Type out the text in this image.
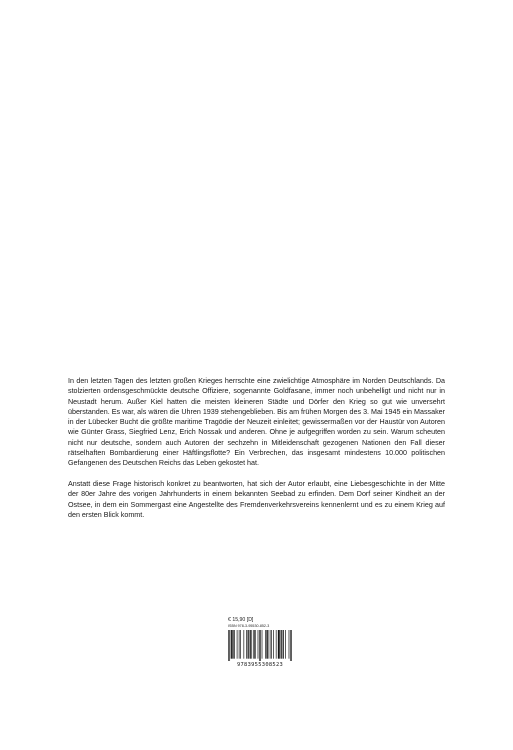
In den letzten Tagen des letzten großen Krieges herrschte eine zwielichtige Atmosphäre im Norden Deutschlands. Da stolzierten ordensgeschmückte deutsche Offiziere, sogenannte Goldfasane, immer noch unbehelligt und nicht nur in Neustadt herum. Außer Kiel hatten die meisten kleineren Städte und Dörfer den Krieg so gut wie unversehrt überstanden. Es war, als wären die Uhren 1939 stehengeblieben. Bis am frühen Morgen des 3. Mai 1945 ein Massaker in der Lübecker Bucht die größte maritime Tragödie der Neuzeit einleitet; gewissermaßen vor der Haustür von Autoren wie Günter Grass, Siegfried Lenz, Erich Nossak und anderen. Ohne je aufgegriffen worden zu sein. Warum scheuten nicht nur deutsche, sondern auch Autoren der sechzehn in Mitleidenschaft gezogenen Nationen den Fall dieser rätselhaften Bombardierung einer Häftlingsflotte? Ein Verbrechen, das insgesamt mindestens 10.000 politischen Gefangenen des Deutschen Reichs das Leben gekostet hat.

Anstatt diese Frage historisch konkret zu beantworten, hat sich der Autor erlaubt, eine Liebesgeschichte in der Mitte der 80er Jahre des vorigen Jahrhunderts in einem bekannten Seebad zu erfinden. Dem Dorf seiner Kindheit an der Ostsee, in dem ein Sommergast eine Angestellte des Fremdenverkehrsvereins kennenlernt und es zu einem Krieg auf den ersten Blick kommt.

€ 15,90 [D]
ISBN 978-3-95530-852-3
9783955308523
